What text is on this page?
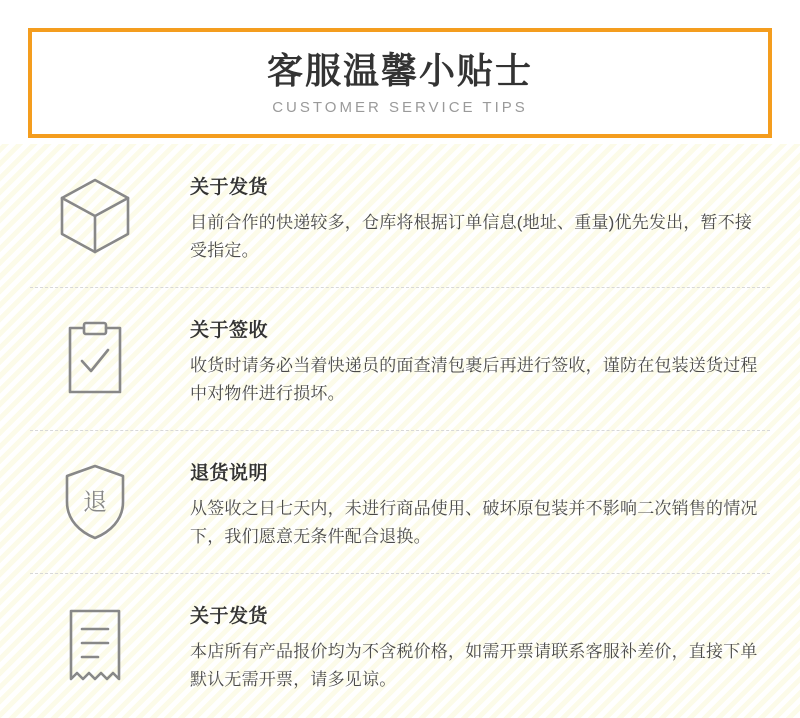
客服温馨小贴士
CUSTOMER SERVICE TIPS
关于发货
目前合作的快递较多，仓库将根据订单信息(地址、重量)优先发出，暂不接受指定。
关于签收
收货时请务必当着快递员的面查清包裹后再进行签收，谨防在包装送货过程中对物件进行损坏。
退
退货说明
从签收之日七天内，未进行商品使用、破坏原包装并不影响二次销售的情况下，我们愿意无条件配合退换。
关于发货
本店所有产品报价均为不含税价格，如需开票请联系客服补差价，直接下单默认无需开票，请多见谅。
